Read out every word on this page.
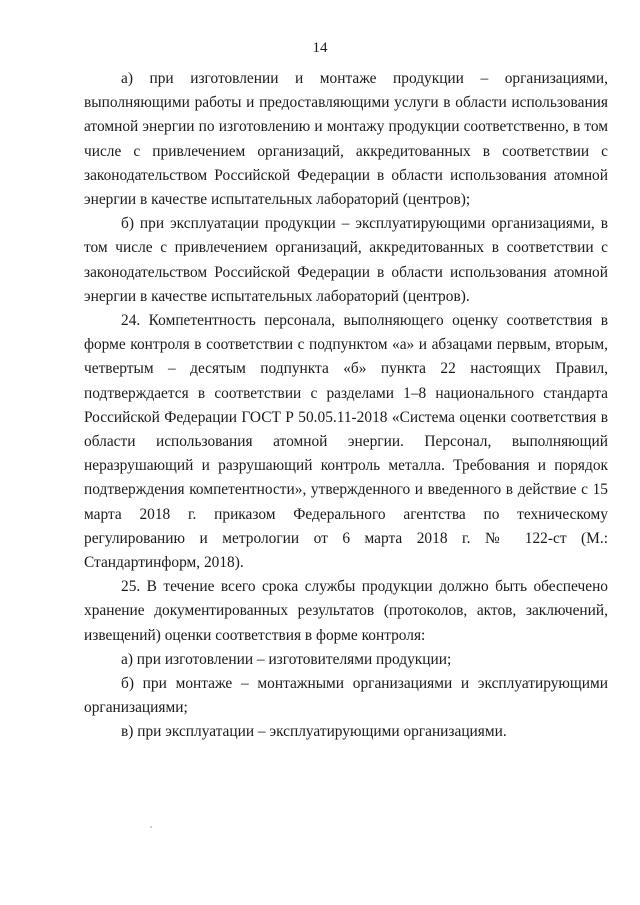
14

а) при изготовлении и монтаже продукции – организациями, выполняющими работы и предоставляющими услуги в области использования атомной энергии по изготовлению и монтажу продукции соответственно, в том числе с привлечением организаций, аккредитованных в соответствии с законодательством Российской Федерации в области использования атомной энергии в качестве испытательных лабораторий (центров);

б) при эксплуатации продукции – эксплуатирующими организациями, в том числе с привлечением организаций, аккредитованных в соответствии с законодательством Российской Федерации в области использования атомной энергии в качестве испытательных лабораторий (центров).

24. Компетентность персонала, выполняющего оценку соответствия в форме контроля в соответствии с подпунктом «а» и абзацами первым, вторым, четвертым – десятым подпункта «б» пункта 22 настоящих Правил, подтверждается в соответствии с разделами 1–8 национального стандарта Российской Федерации ГОСТ Р 50.05.11-2018 «Система оценки соответствия в области использования атомной энергии. Персонал, выполняющий неразрушающий и разрушающий контроль металла. Требования и порядок подтверждения компетентности», утвержденного и введенного в действие с 15 марта 2018 г. приказом Федерального агентства по техническому регулированию и метрологии от 6 марта 2018 г. № 122-ст (М.: Стандартинформ, 2018).

25. В течение всего срока службы продукции должно быть обеспечено хранение документированных результатов (протоколов, актов, заключений, извещений) оценки соответствия в форме контроля:

а) при изготовлении – изготовителями продукции;

б) при монтаже – монтажными организациями и эксплуатирующими организациями;

в) при эксплуатации – эксплуатирующими организациями.
